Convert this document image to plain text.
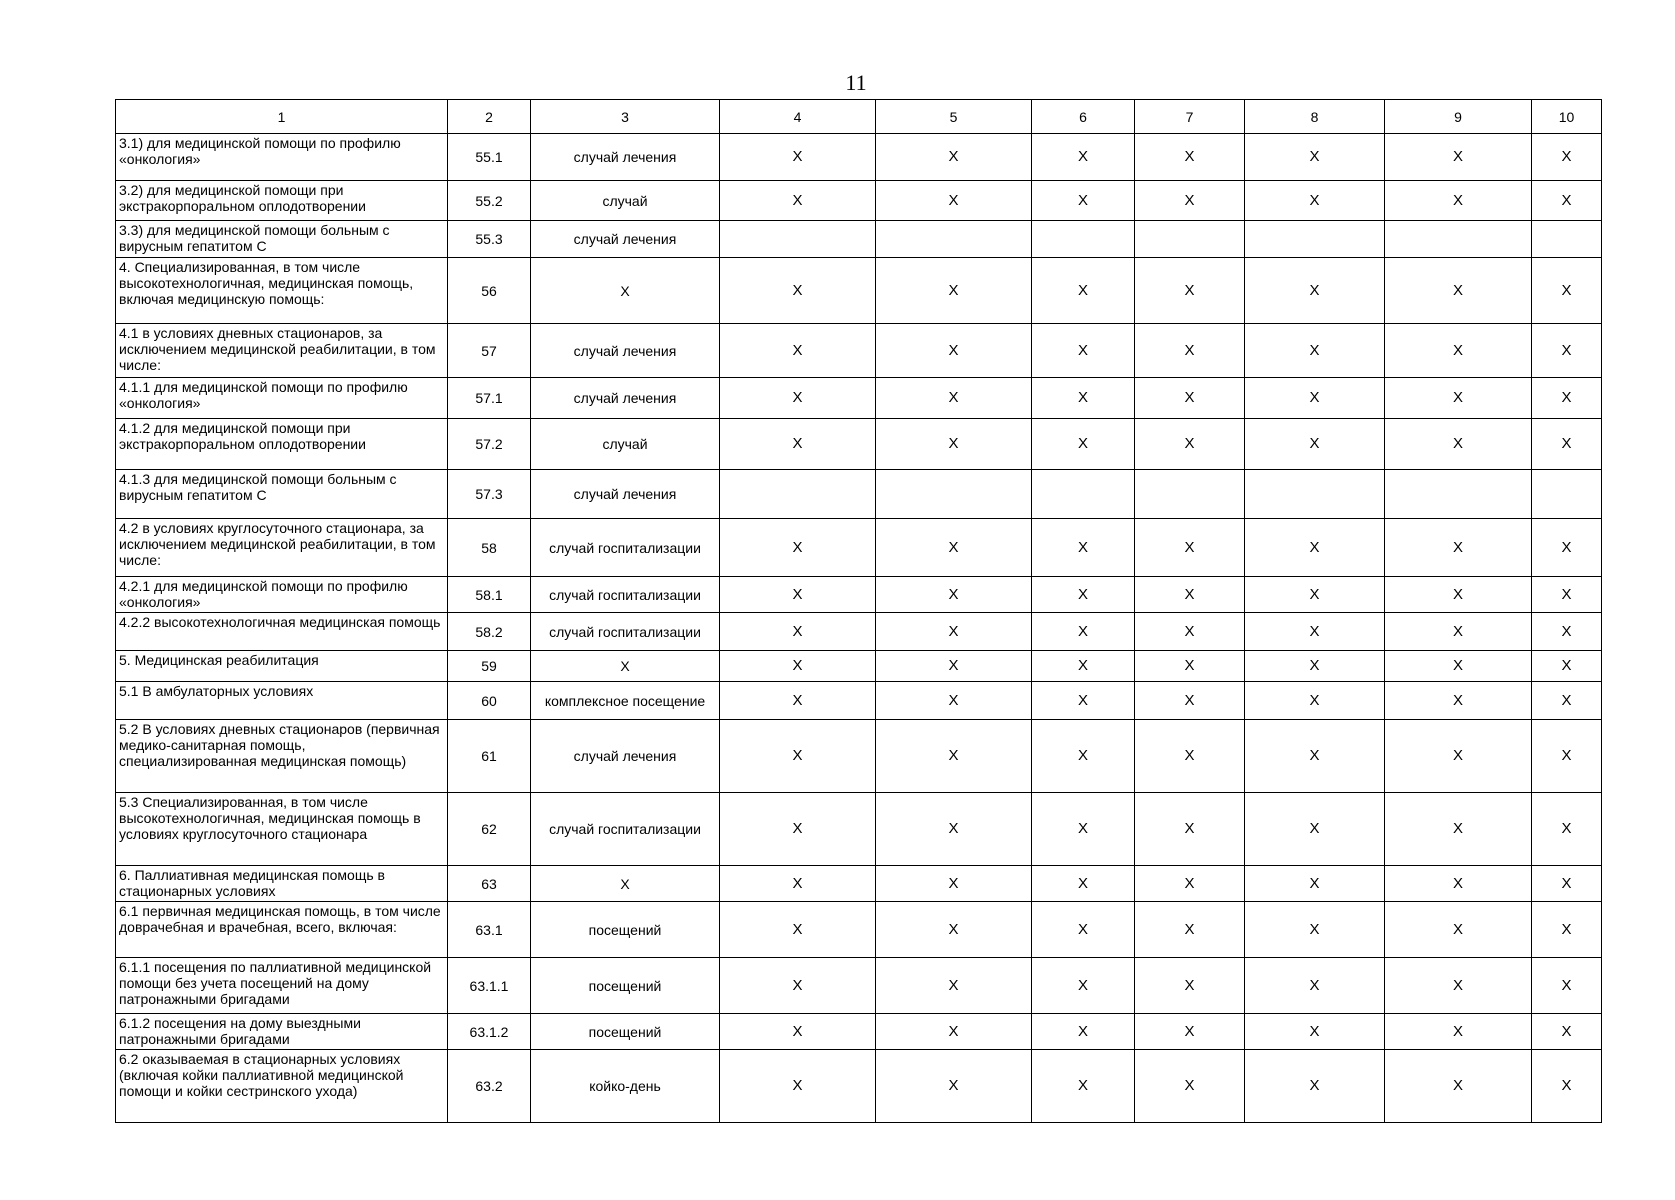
11
1	2	3	4	5	6	7	8	9	10
3.1) для медицинской помощи по профилю «онкология»	55.1	случай лечения	X	X	X	X	X	X	X
3.2) для медицинской помощи при экстракорпоральном оплодотворении	55.2	случай	X	X	X	X	X	X	X
3.3) для медицинской помощи больным с вирусным гепатитом С	55.3	случай лечения							
4. Специализированная, в том числе высокотехнологичная, медицинская помощь, включая медицинскую помощь:	56	X	X	X	X	X	X	X	X
4.1 в условиях дневных стационаров, за исключением медицинской реабилитации, в том числе:	57	случай лечения	X	X	X	X	X	X	X
4.1.1 для медицинской помощи по профилю «онкология»	57.1	случай лечения	X	X	X	X	X	X	X
4.1.2 для медицинской помощи при экстракорпоральном оплодотворении	57.2	случай	X	X	X	X	X	X	X
4.1.3 для медицинской помощи больным с вирусным гепатитом С	57.3	случай лечения							
4.2 в условиях круглосуточного стационара, за исключением медицинской реабилитации, в том числе:	58	случай госпитализации	X	X	X	X	X	X	X
4.2.1 для медицинской помощи по профилю «онкология»	58.1	случай госпитализации	X	X	X	X	X	X	X
4.2.2 высокотехнологичная медицинская помощь	58.2	случай госпитализации	X	X	X	X	X	X	X
5. Медицинская реабилитация	59	X	X	X	X	X	X	X	X
5.1 В амбулаторных условиях	60	комплексное посещение	X	X	X	X	X	X	X
5.2 В условиях дневных стационаров (первичная медико-санитарная помощь, специализированная медицинская помощь)	61	случай лечения	X	X	X	X	X	X	X
5.3 Специализированная, в том числе высокотехнологичная, медицинская помощь в условиях круглосуточного стационара	62	случай госпитализации	X	X	X	X	X	X	X
6. Паллиативная медицинская помощь в стационарных условиях	63	X	X	X	X	X	X	X	X
6.1 первичная медицинская помощь, в том числе доврачебная и врачебная, всего, включая:	63.1	посещений	X	X	X	X	X	X	X
6.1.1 посещения по паллиативной медицинской помощи без учета посещений на дому патронажными бригадами	63.1.1	посещений	X	X	X	X	X	X	X
6.1.2 посещения на дому выездными патронажными бригадами	63.1.2	посещений	X	X	X	X	X	X	X
6.2 оказываемая в стационарных условиях (включая койки паллиативной медицинской помощи и койки сестринского ухода)	63.2	койко-день	X	X	X	X	X	X	X
